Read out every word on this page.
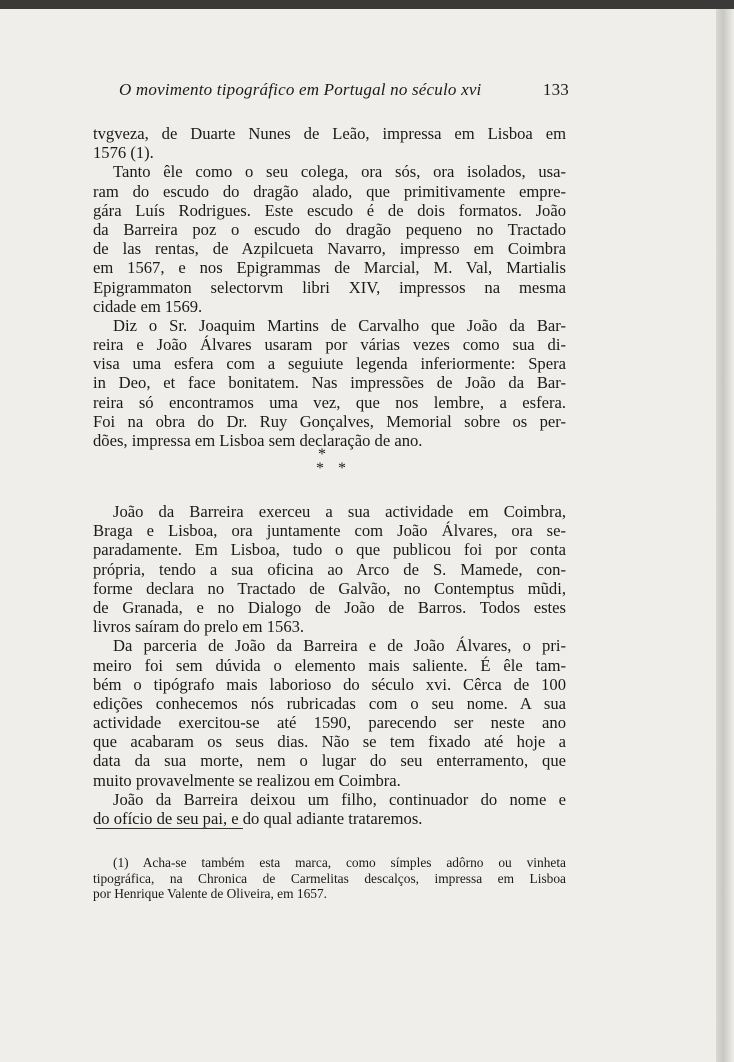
O movimento tipográfico em Portugal no século xvi	133
tvgveza, de Duarte Nunes de Leão, impressa em Lisboa em
1576 (1).
Tanto êle como o seu colega, ora sós, ora isolados, usa-
ram do escudo do dragão alado, que primitivamente empre-
gára Luís Rodrigues. Este escudo é de dois formatos. João
da Barreira poz o escudo do dragão pequeno no Tractado
de las rentas, de Azpilcueta Navarro, impresso em Coimbra
em 1567, e nos Epigrammas de Marcial, M. Val, Martialis
Epigrammaton selectorvm libri XIV, impressos na mesma
cidade em 1569.
Diz o Sr. Joaquim Martins de Carvalho que João da Bar-
reira e João Álvares usaram por várias vezes como sua di-
visa uma esfera com a seguiute legenda inferiormente: Spera
in Deo, et face bonitatem. Nas impressões de João da Bar-
reira só encontramos uma vez, que nos lembre, a esfera.
Foi na obra do Dr. Ruy Gonçalves, Memorial sobre os per-
dões, impressa em Lisboa sem declaração de ano.
*
**
João da Barreira exerceu a sua actividade em Coimbra,
Braga e Lisboa, ora juntamente com João Álvares, ora se-
paradamente. Em Lisboa, tudo o que publicou foi por conta
própria, tendo a sua oficina ao Arco de S. Mamede, con-
forme declara no Tractado de Galvão, no Contemptus mũdi,
de Granada, e no Dialogo de João de Barros. Todos estes
livros saíram do prelo em 1563.
Da parceria de João da Barreira e de João Álvares, o pri-
meiro foi sem dúvida o elemento mais saliente. É êle tam-
bém o tipógrafo mais laborioso do século xvi. Cêrca de 100
edições conhecemos nós rubricadas com o seu nome. A sua
actividade exercitou-se até 1590, parecendo ser neste ano
que acabaram os seus dias. Não se tem fixado até hoje a
data da sua morte, nem o lugar do seu enterramento, que
muito provavelmente se realizou em Coimbra.
João da Barreira deixou um filho, continuador do nome e
do ofício de seu pai, e do qual adiante trataremos.
(1) Acha-se também esta marca, como símples adôrno ou vinheta
tipográfica, na Chronica de Carmelitas descalços, impressa em Lisboa
por Henrique Valente de Oliveira, em 1657.
